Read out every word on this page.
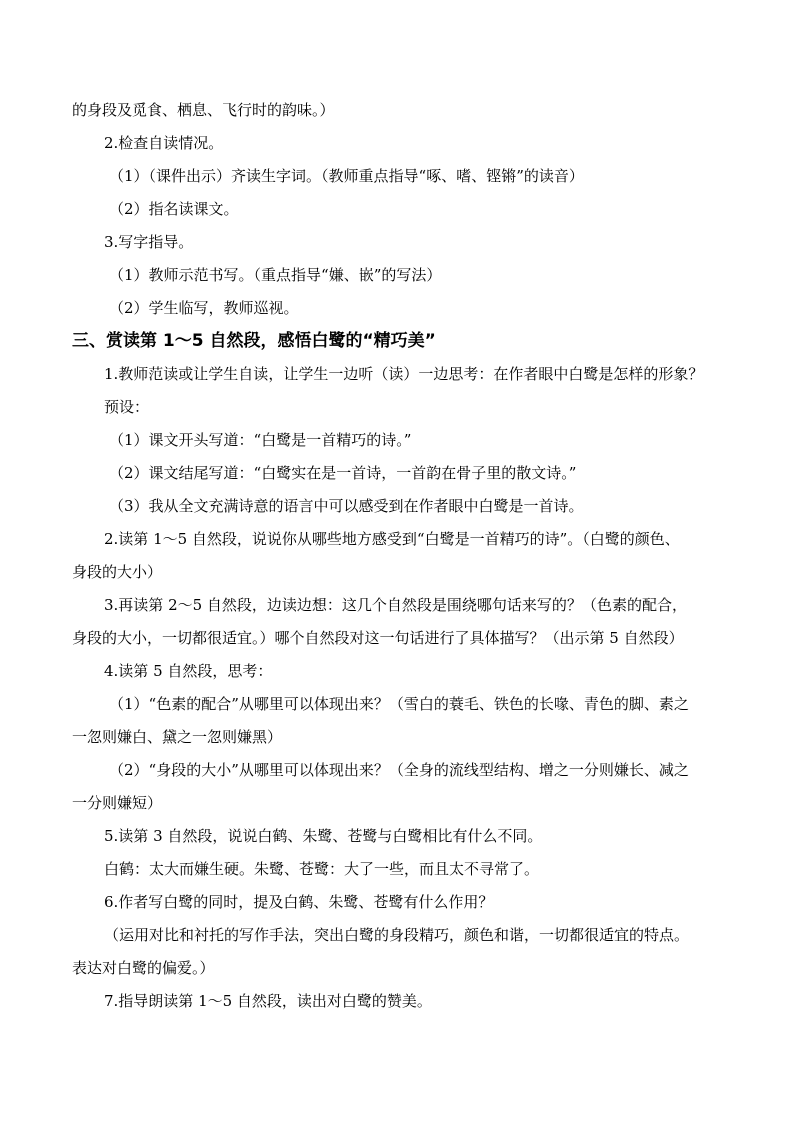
的身段及觅食、栖息、飞行时的韵味。）
2.检查自读情况。
（1）（课件出示）齐读生字词。（教师重点指导“啄、嗜、铿锵”的读音）
（2）指名读课文。
3.写字指导。
（1）教师示范书写。（重点指导“嫌、嵌”的写法）
（2）学生临写，教师巡视。
三、赏读第 1～5 自然段，感悟白鹭的“精巧美”
1.教师范读或让学生自读，让学生一边听（读）一边思考：在作者眼中白鹭是怎样的形象？
预设：
（1）课文开头写道：“白鹭是一首精巧的诗。”
（2）课文结尾写道：“白鹭实在是一首诗，一首韵在骨子里的散文诗。”
（3）我从全文充满诗意的语言中可以感受到在作者眼中白鹭是一首诗。
2.读第 1～5 自然段，说说你从哪些地方感受到“白鹭是一首精巧的诗”。（白鹭的颜色、
身段的大小）
3.再读第 2～5 自然段，边读边想：这几个自然段是围绕哪句话来写的？（色素的配合，
身段的大小，一切都很适宜。）哪个自然段对这一句话进行了具体描写？（出示第 5 自然段）
4.读第 5 自然段，思考：
（1）“色素的配合”从哪里可以体现出来？（雪白的蓑毛、铁色的长喙、青色的脚、素之
一忽则嫌白、黛之一忽则嫌黑）
（2）“身段的大小”从哪里可以体现出来？（全身的流线型结构、增之一分则嫌长、减之
一分则嫌短）
5.读第 3 自然段，说说白鹤、朱鹭、苍鹭与白鹭相比有什么不同。
白鹤：太大而嫌生硬。朱鹭、苍鹭：大了一些，而且太不寻常了。
6.作者写白鹭的同时，提及白鹤、朱鹭、苍鹭有什么作用？
（运用对比和衬托的写作手法，突出白鹭的身段精巧，颜色和谐，一切都很适宜的特点。
表达对白鹭的偏爱。）
7.指导朗读第 1～5 自然段，读出对白鹭的赞美。
